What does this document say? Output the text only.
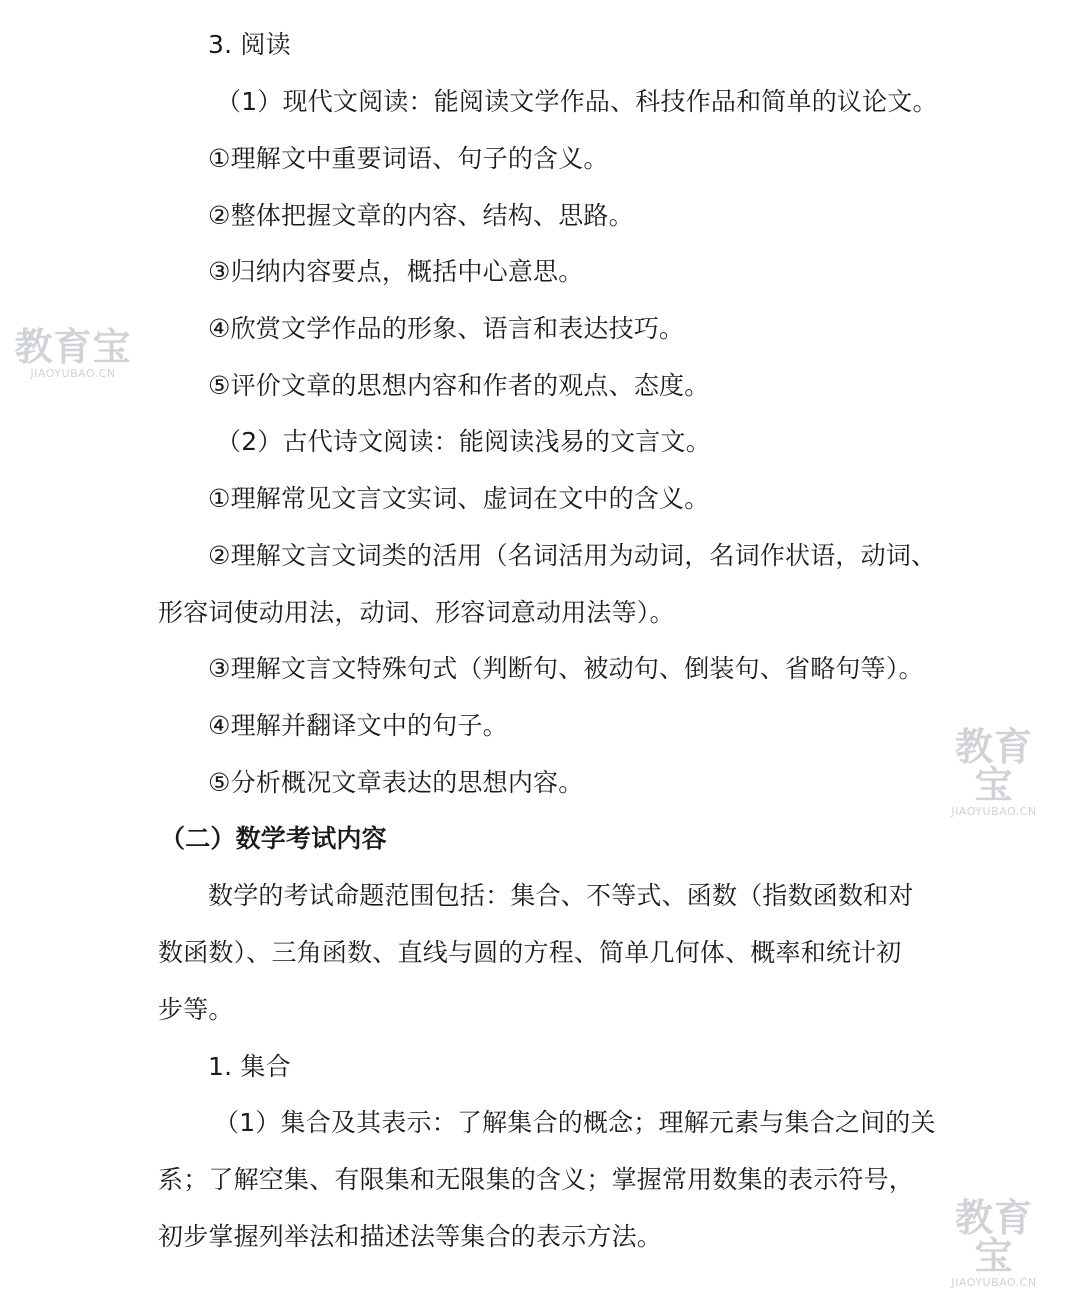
3. 阅读
（1）现代文阅读：能阅读文学作品、科技作品和简单的议论文。
①理解文中重要词语、句子的含义。
②整体把握文章的内容、结构、思路。
③归纳内容要点，概括中心意思。
④欣赏文学作品的形象、语言和表达技巧。
⑤评价文章的思想内容和作者的观点、态度。
（2）古代诗文阅读：能阅读浅易的文言文。
①理解常见文言文实词、虚词在文中的含义。
②理解文言文词类的活用（名词活用为动词，名词作状语，动词、
形容词使动用法，动词、形容词意动用法等）。
③理解文言文特殊句式（判断句、被动句、倒装句、省略句等）。
④理解并翻译文中的句子。
⑤分析概况文章表达的思想内容。
（二）数学考试内容
数学的考试命题范围包括：集合、不等式、函数（指数函数和对
数函数）、三角函数、直线与圆的方程、简单几何体、概率和统计初
步等。
1. 集合
（1）集合及其表示：了解集合的概念；理解元素与集合之间的关
系；了解空集、有限集和无限集的含义；掌握常用数集的表示符号，
初步掌握列举法和描述法等集合的表示方法。
教育宝
JIAOYUBAO.CN
教育宝
JIAOYUBAO.CN
教育宝
JIAOYUBAO.CN
